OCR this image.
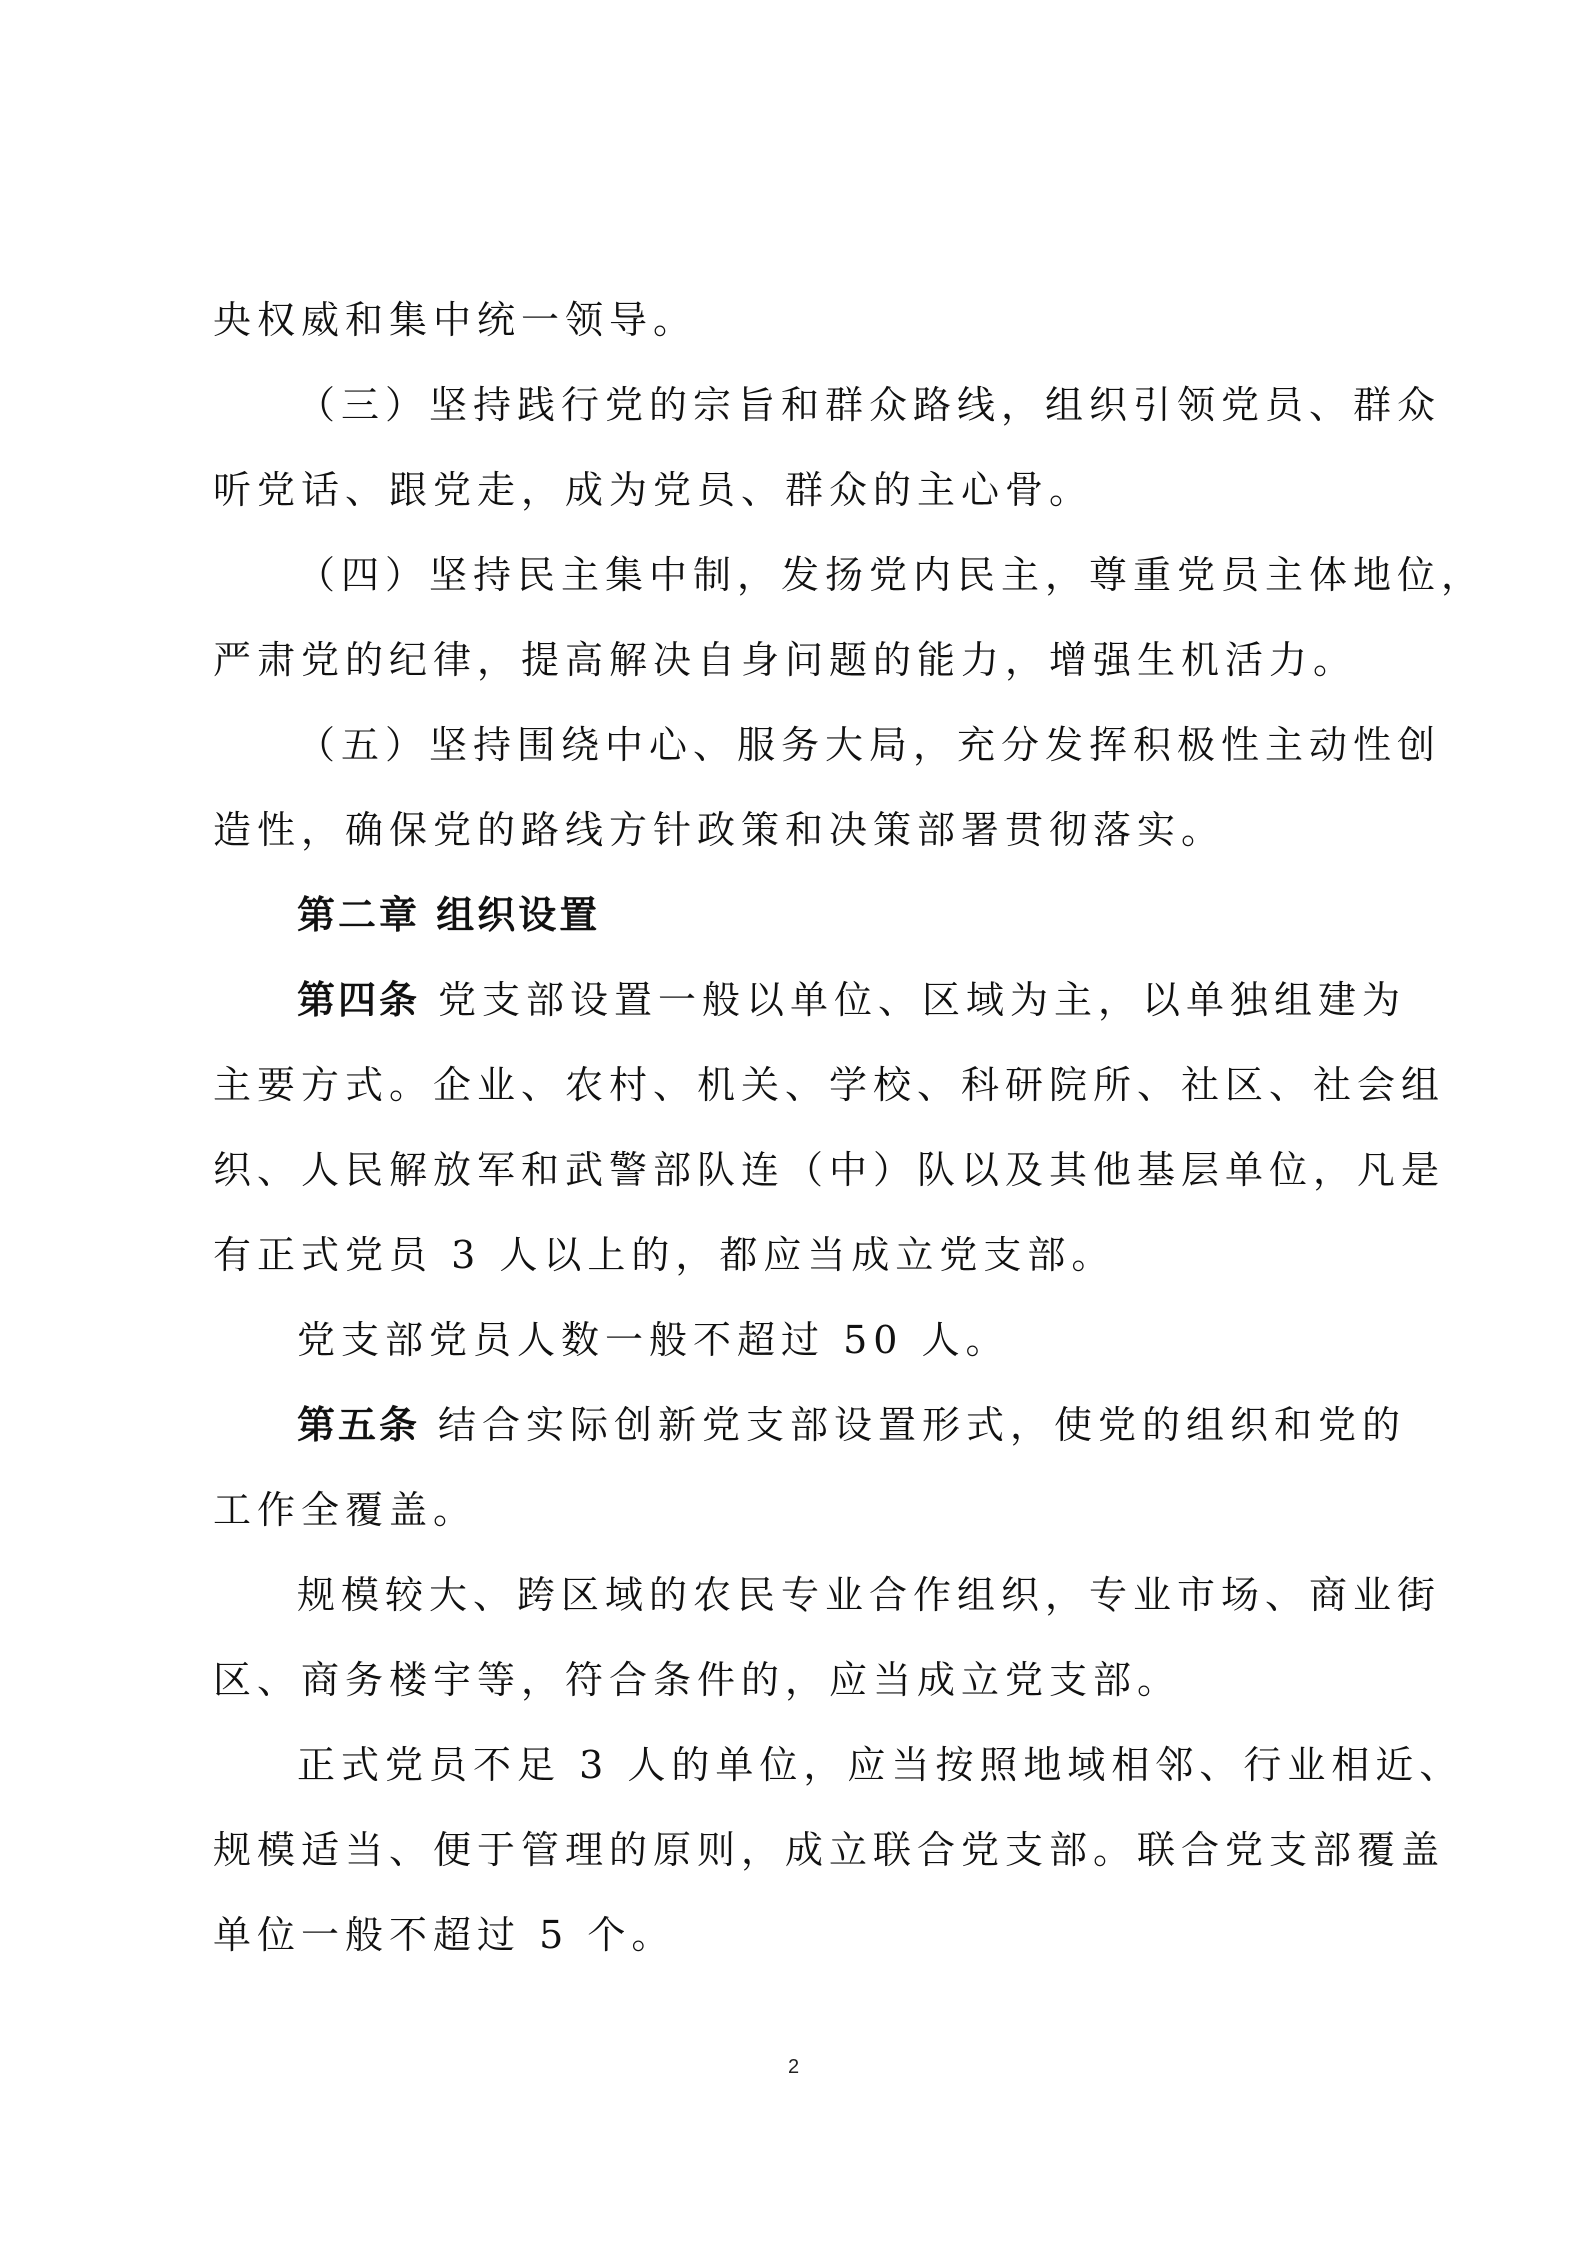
央权威和集中统一领导。
（三）坚持践行党的宗旨和群众路线，组织引领党员、群众
听党话、跟党走，成为党员、群众的主心骨。
（四）坚持民主集中制，发扬党内民主，尊重党员主体地位，
严肃党的纪律，提高解决自身问题的能力，增强生机活力。
（五）坚持围绕中心、服务大局，充分发挥积极性主动性创
造性，确保党的路线方针政策和决策部署贯彻落实。
第二章 组织设置
第四条 党支部设置一般以单位、区域为主，以单独组建为
主要方式。企业、农村、机关、学校、科研院所、社区、社会组
织、人民解放军和武警部队连（中）队以及其他基层单位，凡是
有正式党员 3 人以上的，都应当成立党支部。
党支部党员人数一般不超过 50 人。
第五条 结合实际创新党支部设置形式，使党的组织和党的
工作全覆盖。
规模较大、跨区域的农民专业合作组织，专业市场、商业街
区、商务楼宇等，符合条件的，应当成立党支部。
正式党员不足 3 人的单位，应当按照地域相邻、行业相近、
规模适当、便于管理的原则，成立联合党支部。联合党支部覆盖
单位一般不超过 5 个。
2
